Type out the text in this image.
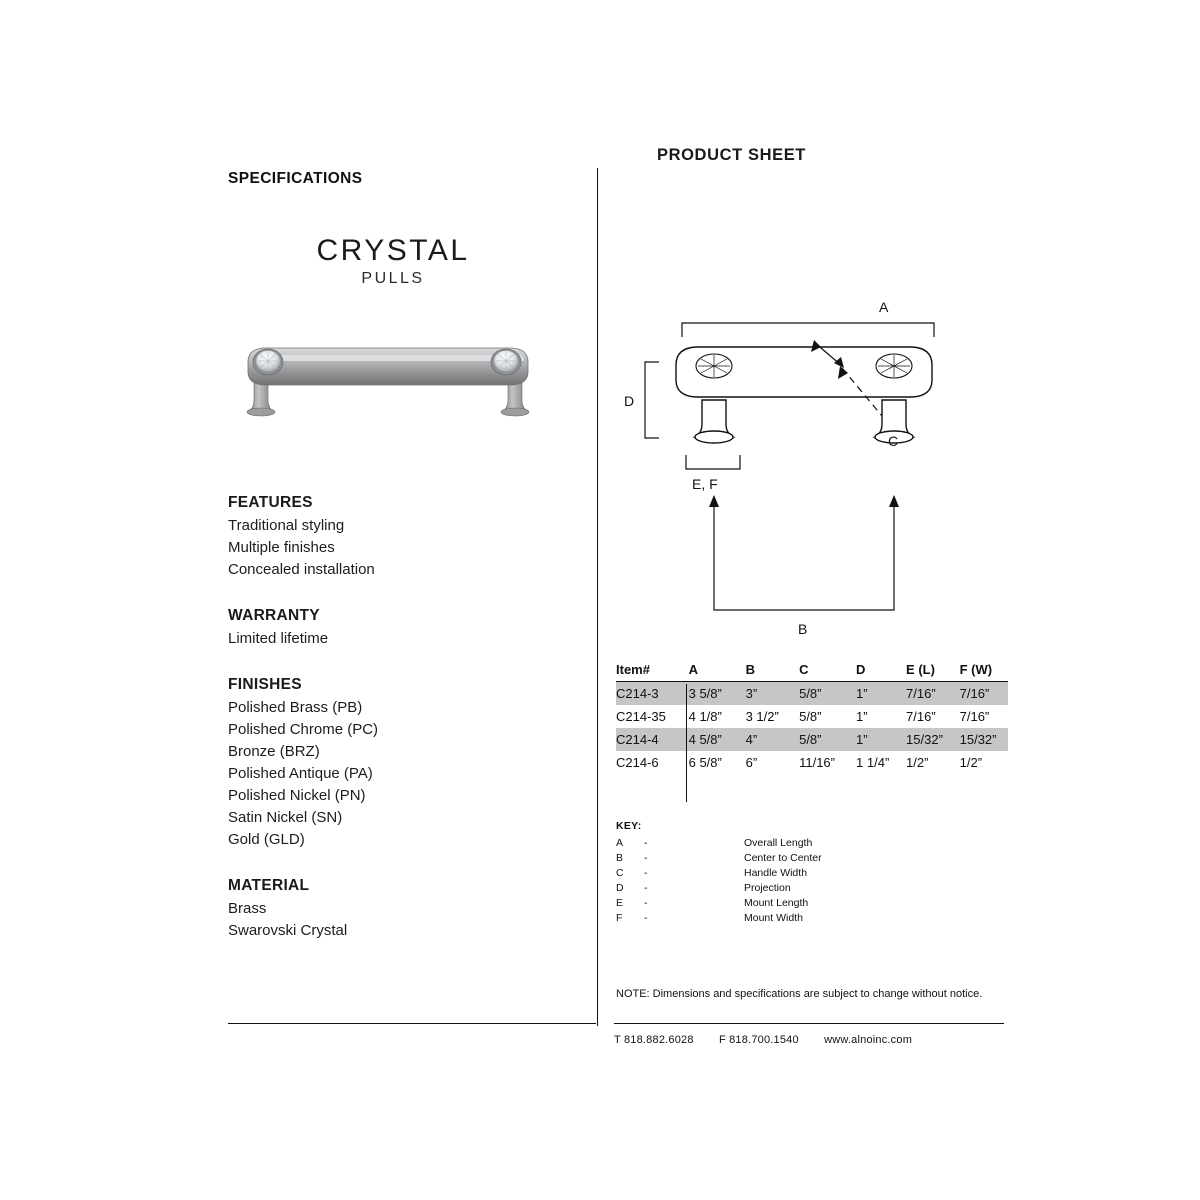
SPECIFICATIONS
CRYSTAL
PULLS
FEATURES

Traditional styling

Multiple finishes

Concealed installation

WARRANTY

Limited lifetime

FINISHES

Polished Brass (PB)

Polished Chrome (PC)

Bronze (BRZ)

Polished Antique (PA)

Polished Nickel (PN)

Satin Nickel (SN)

Gold (GLD)

MATERIAL

Brass

Swarovski Crystal

PRODUCT SHEET
A
D
C
E, F
B
Item#	A	B	C	D	E (L)	F (W)
C214-3	3 5/8”	3”	5/8”	1”	7/16”	7/16”
C214-35	4 1/8”	3 1/2”	5/8”	1”	7/16”	7/16”
C214-4	4 5/8”	4”	5/8”	1”	15/32”	15/32”
C214-6	6 5/8”	6”	11/16”	1 1/4”	1/2”	1/2”
KEY:
A	-	Overall Length
B	-	Center to Center
C	-	Handle Width
D	-	Projection
E	-	Mount Length
F	-	Mount Width
NOTE: Dimensions and specifications are subject to change without notice.
T 818.882.6028 F 818.700.1540 www.alnoinc.com
